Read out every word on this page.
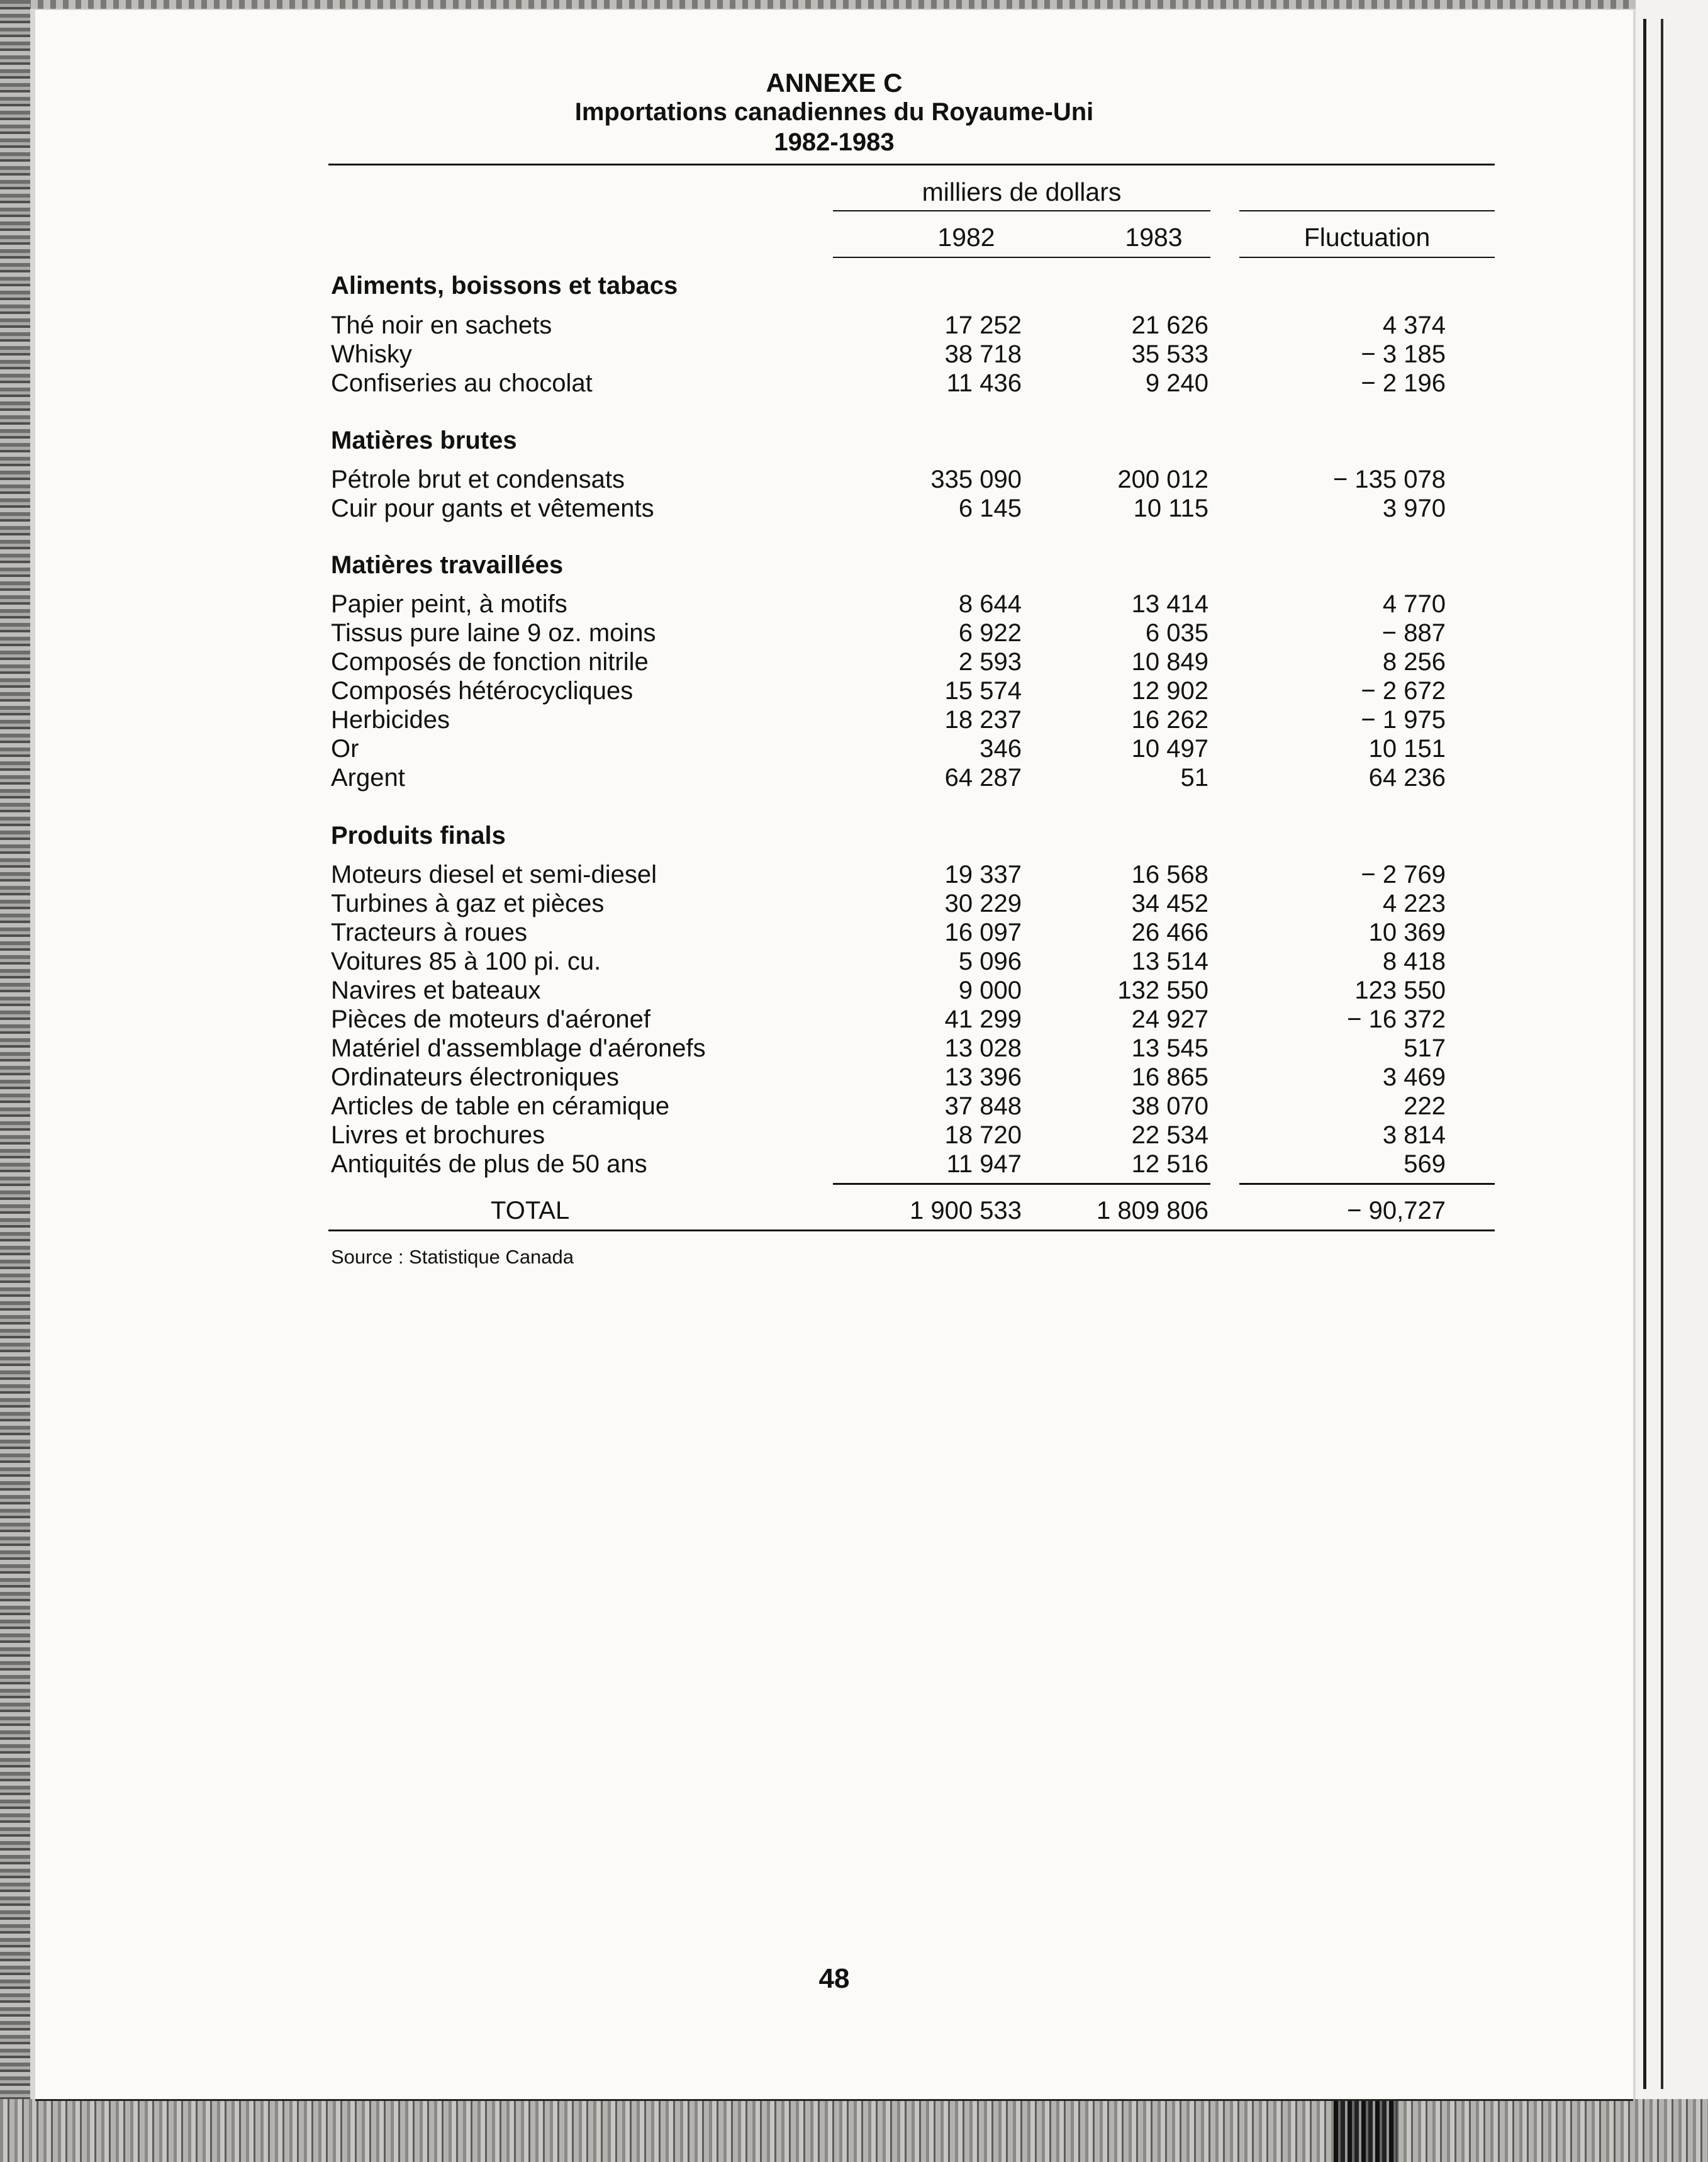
ANNEXE C
Importations canadiennes du Royaume-Uni
1982-1983
milliers de dollars
1982	1983	Fluctuation
Aliments, boissons et tabacs
Thé noir en sachets	17 252	21 626	4 374
Whisky	38 718	35 533	− 3 185
Confiseries au chocolat	11 436	9 240	− 2 196
Matières brutes
Pétrole brut et condensats	335 090	200 012	− 135 078
Cuir pour gants et vêtements	6 145	10 115	3 970
Matières travaillées
Papier peint, à motifs	8 644	13 414	4 770
Tissus pure laine 9 oz. moins	6 922	6 035	− 887
Composés de fonction nitrile	2 593	10 849	8 256
Composés hétérocycliques	15 574	12 902	− 2 672
Herbicides	18 237	16 262	− 1 975
Or	346	10 497	10 151
Argent	64 287	51	64 236
Produits finals
Moteurs diesel et semi-diesel	19 337	16 568	− 2 769
Turbines à gaz et pièces	30 229	34 452	4 223
Tracteurs à roues	16 097	26 466	10 369
Voitures 85 à 100 pi. cu.	5 096	13 514	8 418
Navires et bateaux	9 000	132 550	123 550
Pièces de moteurs d'aéronef	41 299	24 927	− 16 372
Matériel d'assemblage d'aéronefs	13 028	13 545	517
Ordinateurs électroniques	13 396	16 865	3 469
Articles de table en céramique	37 848	38 070	222
Livres et brochures	18 720	22 534	3 814
Antiquités de plus de 50 ans	11 947	12 516	569
TOTAL	1 900 533	1 809 806	− 90,727
Source : Statistique Canada
48
